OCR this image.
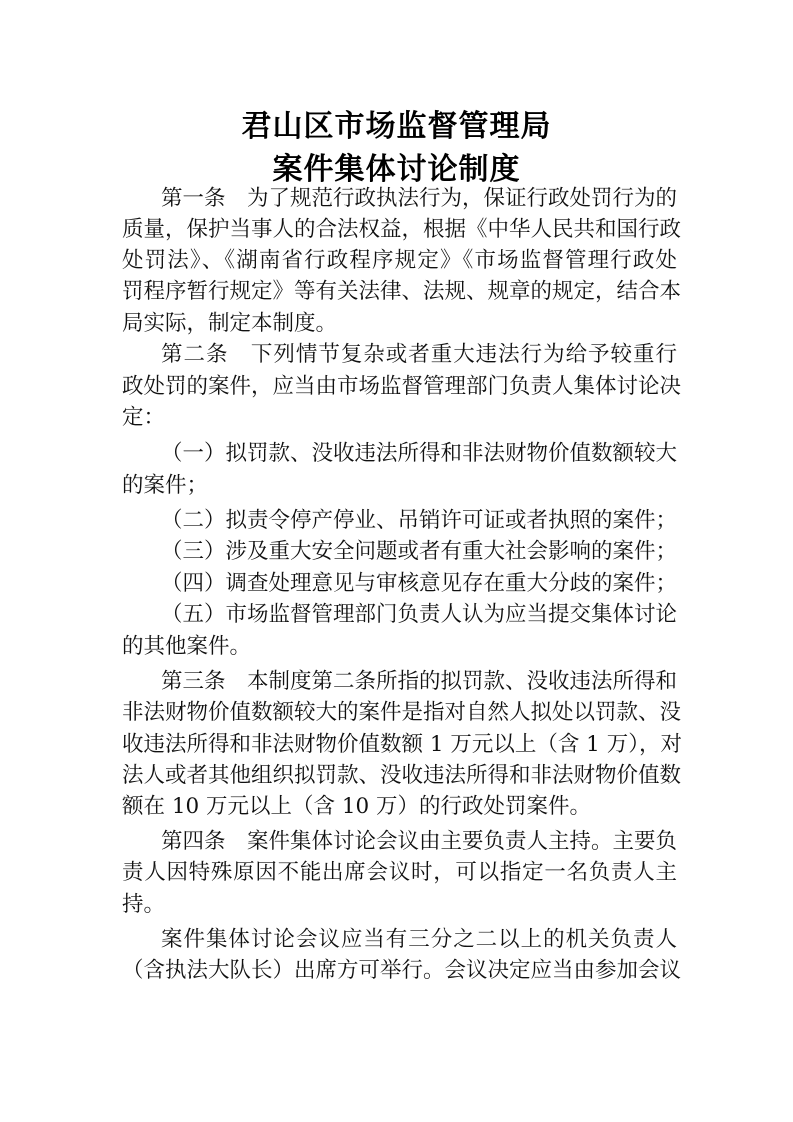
君山区市场监督管理局
案件集体讨论制度
第一条　为了规范行政执法行为，保证行政处罚行为的
质量，保护当事人的合法权益，根据《中华人民共和国行政
处罚法》、《湖南省行政程序规定》《市场监督管理行政处
罚程序暂行规定》等有关法律、法规、规章的规定，结合本
局实际，制定本制度。
第二条　下列情节复杂或者重大违法行为给予较重行
政处罚的案件，应当由市场监督管理部门负责人集体讨论决
定：
（一）拟罚款、没收违法所得和非法财物价值数额较大
的案件；
（二）拟责令停产停业、吊销许可证或者执照的案件；
（三）涉及重大安全问题或者有重大社会影响的案件；
（四）调查处理意见与审核意见存在重大分歧的案件；
（五）市场监督管理部门负责人认为应当提交集体讨论
的其他案件。
第三条　本制度第二条所指的拟罚款、没收违法所得和
非法财物价值数额较大的案件是指对自然人拟处以罚款、没
收违法所得和非法财物价值数额 1 万元以上（含 1 万），对
法人或者其他组织拟罚款、没收违法所得和非法财物价值数
额在 10 万元以上（含 10 万）的行政处罚案件。
第四条　案件集体讨论会议由主要负责人主持。主要负
责人因特殊原因不能出席会议时，可以指定一名负责人主
持。
案件集体讨论会议应当有三分之二以上的机关负责人
（含执法大队长）出席方可举行。会议决定应当由参加会议
